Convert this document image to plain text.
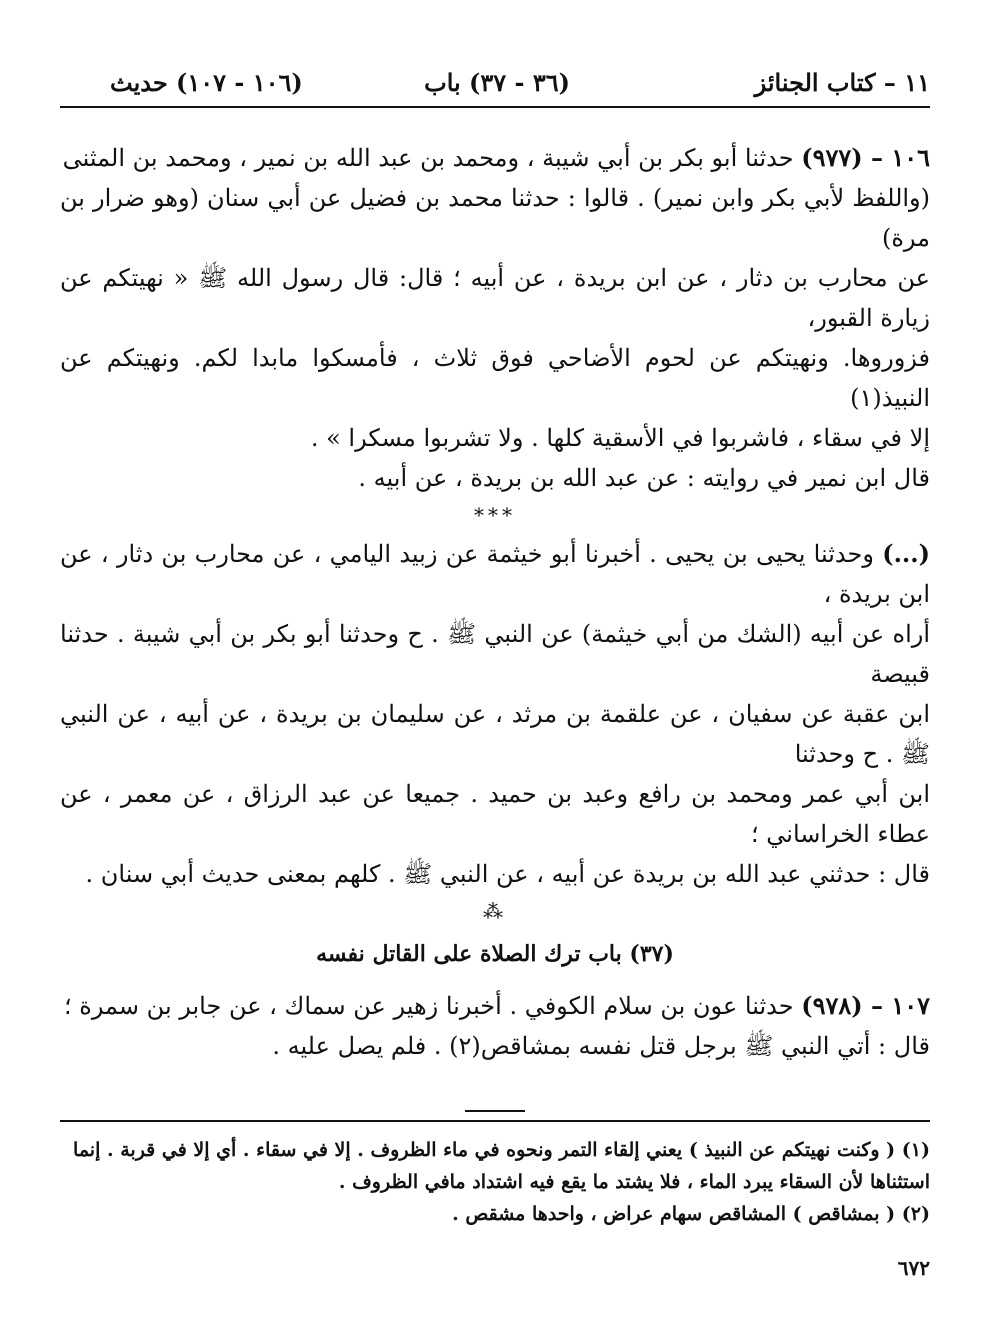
١١ – كتاب الجنائز
(٣٦ - ٣٧) باب
(١٠٦ - ١٠٧) حديث

١٠٦ – (٩٧٧) حدثنا أبو بكر بن أبي شيبة ، ومحمد بن عبد الله بن نمير ، ومحمد بن المثنى

(واللفظ لأبي بكر وابن نمير) . قالوا : حدثنا محمد بن فضيل عن أبي سنان (وهو ضرار بن مرة)

عن محارب بن دثار ، عن ابن بريدة ، عن أبيه ؛ قال: قال رسول الله ﷺ « نهيتكم عن زيارة القبور،

فزوروها. ونهيتكم عن لحوم الأضاحي فوق ثلاث ، فأمسكوا مابدا لكم. ونهيتكم عن النبيذ(١)

إلا في سقاء ، فاشربوا في الأسقية كلها . ولا تشربوا مسكرا » .

قال ابن نمير في روايته : عن عبد الله بن بريدة ، عن أبيه .

***

(...) وحدثنا يحيى بن يحيى . أخبرنا أبو خيثمة عن زبيد اليامي ، عن محارب بن دثار ، عن ابن بريدة ،

أراه عن أبيه (الشك من أبي خيثمة) عن النبي ﷺ . ح وحدثنا أبو بكر بن أبي شيبة . حدثنا قبيصة

ابن عقبة عن سفيان ، عن علقمة بن مرثد ، عن سليمان بن بريدة ، عن أبيه ، عن النبي ﷺ . ح وحدثنا

ابن أبي عمر ومحمد بن رافع وعبد بن حميد . جميعا عن عبد الرزاق ، عن معمر ، عن عطاء الخراساني ؛

قال : حدثني عبد الله بن بريدة عن أبيه ، عن النبي ﷺ . كلهم بمعنى حديث أبي سنان .

⁂
(٣٧) باب ترك الصلاة على القاتل نفسه

١٠٧ – (٩٧٨) حدثنا عون بن سلام الكوفي . أخبرنا زهير عن سماك ، عن جابر بن سمرة ؛

قال : أتي النبي ﷺ برجل قتل نفسه بمشاقص(٢) . فلم يصل عليه .

(١) ( وكنت نهيتكم عن النبيذ ) يعني إلقاء التمر ونحوه في ماء الظروف . إلا في سقاء . أي إلا في قربة . إنما

استثناها لأن السقاء يبرد الماء ، فلا يشتد ما يقع فيه اشتداد مافي الظروف .

(٢) ( بمشاقص ) المشاقص سهام عراض ، واحدها مشقص .

٦٧٢
